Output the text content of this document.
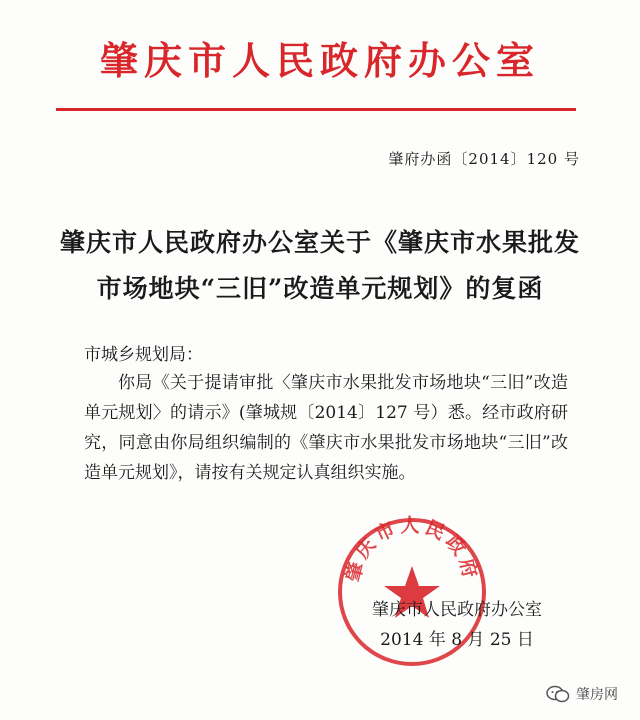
肇庆市人民政府办公室
肇府办函〔2014〕120 号
肇庆市人民政府办公室关于《肇庆市水果批发
市场地块“三旧”改造单元规划》的复函
市城乡规划局：
你局《关于提请审批〈肇庆市水果批发市场地块“三旧”改造单元规划〉的请示》(肇城规〔2014〕127 号）悉。经市政府研究，同意由你局组织编制的《肇庆市水果批发市场地块“三旧”改造单元规划》，请按有关规定认真组织实施。
肇庆市人民政府
肇庆市人民政府办公室
2014 年 8 月 25 日
肇房网
